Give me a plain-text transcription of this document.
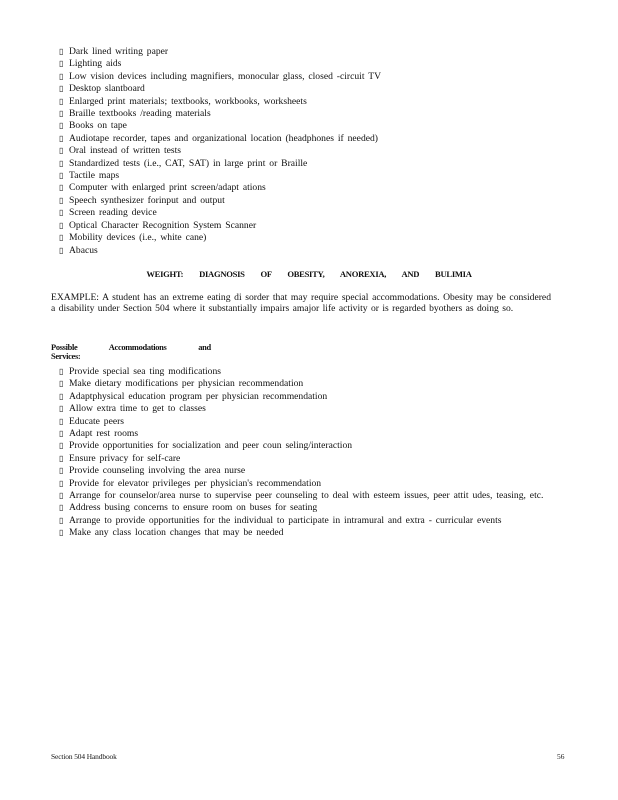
▯ Dark lined writing paper
▯ Lighting aids
▯ Low vision devices including magnifiers, monocular glass, closed -circuit TV
▯ Desktop slantboard
▯ Enlarged print materials; textbooks, workbooks, worksheets
▯ Braille textbooks /reading materials
▯ Books on tape
▯ Audiotape recorder, tapes and organizational location (headphones if needed)
▯ Oral instead of written tests
▯ Standardized tests (i.e., CAT, SAT) in large print or Braille
▯ Tactile maps
▯ Computer with enlarged print screen/adapt ations
▯ Speech synthesizer forinput and output
▯ Screen reading device
▯ Optical Character Recognition System Scanner
▯ Mobility devices (i.e., white cane)
▯ Abacus
WEIGHT: DIAGNOSIS OF OBESITY, ANOREXIA, AND BULIMIA
EXAMPLE: A student has an extreme eating di sorder that may require special accommodations. Obesity may be considered a disability under Section 504 where it substantially impairs amajor life activity or is regarded byothers as doing so.
Possible Accommodations and Services:
▯ Provide special sea ting modifications
▯ Make dietary modifications per physician recommendation
▯ Adaptphysical education program per physician recommendation
▯ Allow extra time to get to classes
▯ Educate peers
▯ Adapt rest rooms
▯ Provide opportunities for socialization and peer coun seling/interaction
▯ Ensure privacy for self-care
▯ Provide counseling involving the area nurse
▯ Provide for elevator privileges per physician's recommendation
▯ Arrange for counselor/area nurse to supervise peer counseling to deal with esteem issues, peer attit udes, teasing, etc.
▯ Address busing concerns to ensure room on buses for seating
▯ Arrange to provide opportunities for the individual to participate in intramural and extra - curricular events
▯ Make any class location changes that may be needed
Section 504 Handbook	56
